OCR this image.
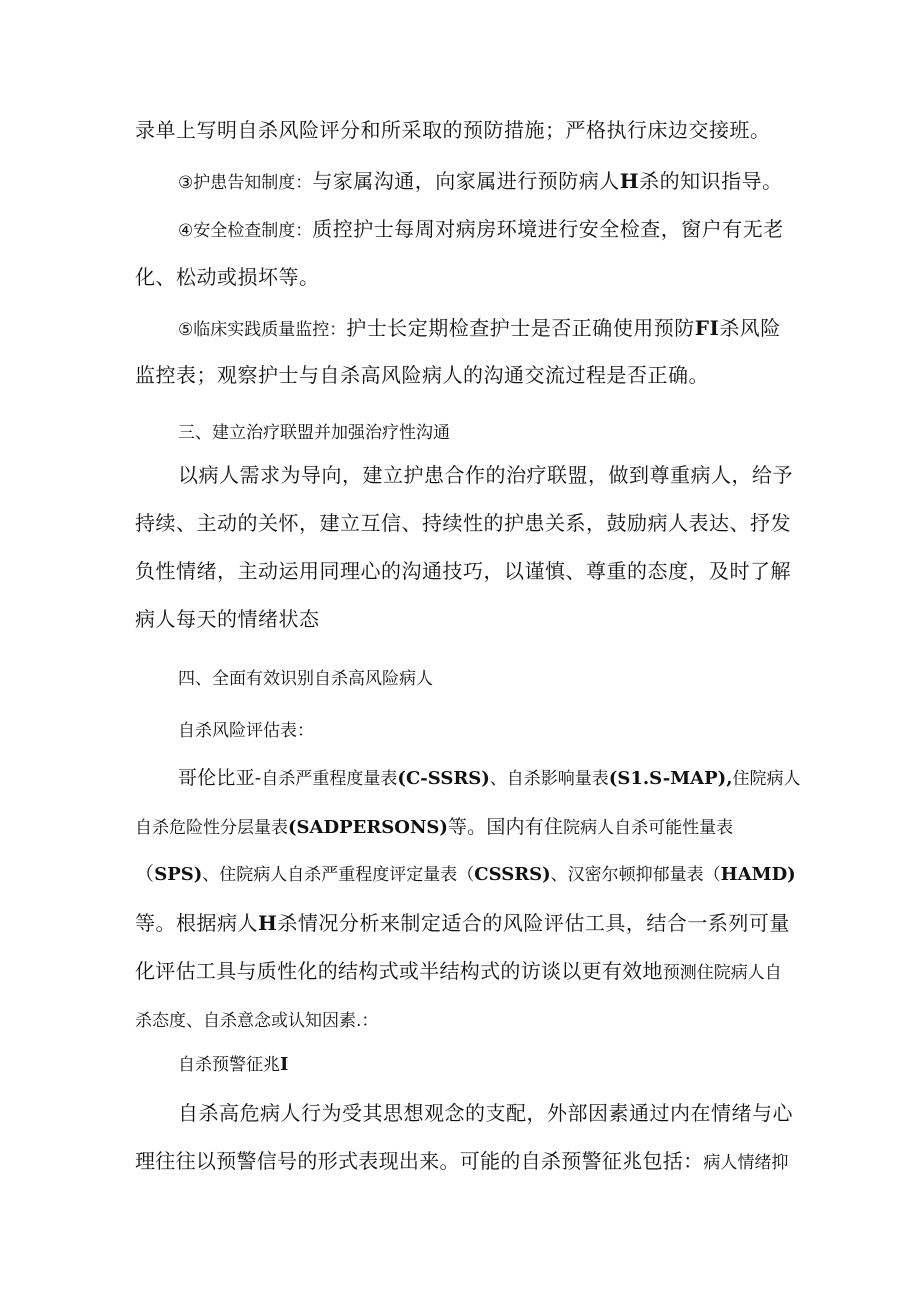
录单上写明自杀风险评分和所采取的预防措施；严格执行床边交接班。
③护患告知制度：与家属沟通，向家属进行预防病人H杀的知识指导。
④安全检查制度：质控护士每周对病房环境进行安全检查，窗户有无老
化、松动或损坏等。
⑤临床实践质量监控：护士长定期检查护士是否正确使用预防FI杀风险
监控表；观察护士与自杀高风险病人的沟通交流过程是否正确。
三、建立治疗联盟并加强治疗性沟通
以病人需求为导向，建立护患合作的治疗联盟，做到尊重病人，给予
持续、主动的关怀，建立互信、持续性的护患关系，鼓励病人表达、抒发
负性情绪，主动运用同理心的沟通技巧，以谨慎、尊重的态度，及时了解
病人每天的情绪状态
四、全面有效识别自杀高风险病人
自杀风险评估表：
哥伦比亚-自杀严重程度量表(C-SSRS)、自杀影响量表(S1.S-MAP),住院病人
自杀危险性分层量表(SADPERSONS)等。国内有住院病人自杀可能性量表
（SPS)、住院病人自杀严重程度评定量表（CSSRS)、汉密尔顿抑郁量表（HAMD)
等。根据病人H杀情况分析来制定适合的风险评估工具，结合一系列可量
化评估工具与质性化的结构式或半结构式的访谈以更有效地预测住院病人自
杀态度、自杀意念或认知因素.：
自杀预警征兆I
自杀高危病人行为受其思想观念的支配，外部因素通过内在情绪与心
理往往以预警信号的形式表现出来。可能的自杀预警征兆包括：病人情绪抑
